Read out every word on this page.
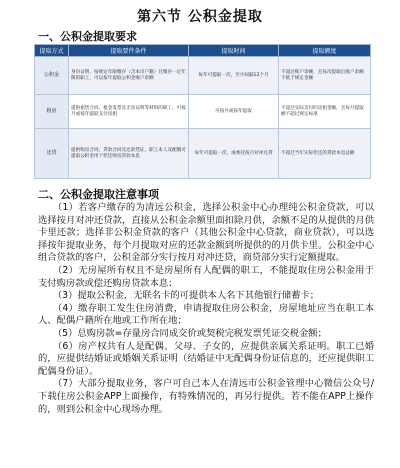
第六节 公积金提取
一、公积金提取要求
提取方式	提取要件条件	提取时间	提取额度
公积金	身份证明、按规定年限缴存（含本市户籍）且缴存一定年限的职工，可以按年提取公积金账户余额	每年可提取一次，至少间隔12个月	不超过账户余额，且每次提取后账户余额不低于规定金额
租房	提供租赁合同、租金发票及无房证明等材料的职工，可按月或按年提取支付房租	可按月或按年提取	不超过实际支付的房租金额，且每月提取额不超过规定标准
还贷	提供购房合同、贷款合同及还款凭证，职工本人及配偶可提取公积金用于偿还购房贷款本息	每年可提取一次，或委托按月对冲还贷	不超过当年实际偿还的贷款本息总额
二、公积金提取注意事项

（1）若客户缴存的为清远公积金，选择公积金中心办理纯公积金贷款，可以选择按月对冲还贷款，直接从公积金余额里面扣除月供，余额不足的从提供的月供卡里还款；选择非公积金贷款的客户（其他公积金中心贷款，商业贷款），可以选择按年提取业务，每个月提取对应的还款金额到所提供的的月供卡里。公积金中心组合贷款的客户，公积金部分实行按月对冲还贷，商贷部分实行定额提取。

（2）无房屋所有权且不是房屋所有人配偶的职工，不能提取住房公积金用于支付购房款或偿还购房贷款本息；

（3）提取公积金，无联名卡的可提供本人名下其他银行储蓄卡；

（4）缴存职工发生住房消费，申请提取住房公积金，房屋地址应当在职工本人、配偶户籍所在地或工作所在地；

（5）总购房款=存量房合同成交价或契税完税发票凭证交税金额；

（6）房产权共有人是配偶、父母、子女的，应提供亲属关系证明。职工已婚的，应提供结婚证或婚姻关系证明（结婚证中无配偶身份证信息的，还应提供职工配偶身份证）。

（7）大部分提取业务，客户可自己本人在清远市公积金管理中心微信公众号/下载住房公积金APP上面操作，有特殊情况的，再另行提供。若不能在APP上操作的，则到公积金中心现场办理。
